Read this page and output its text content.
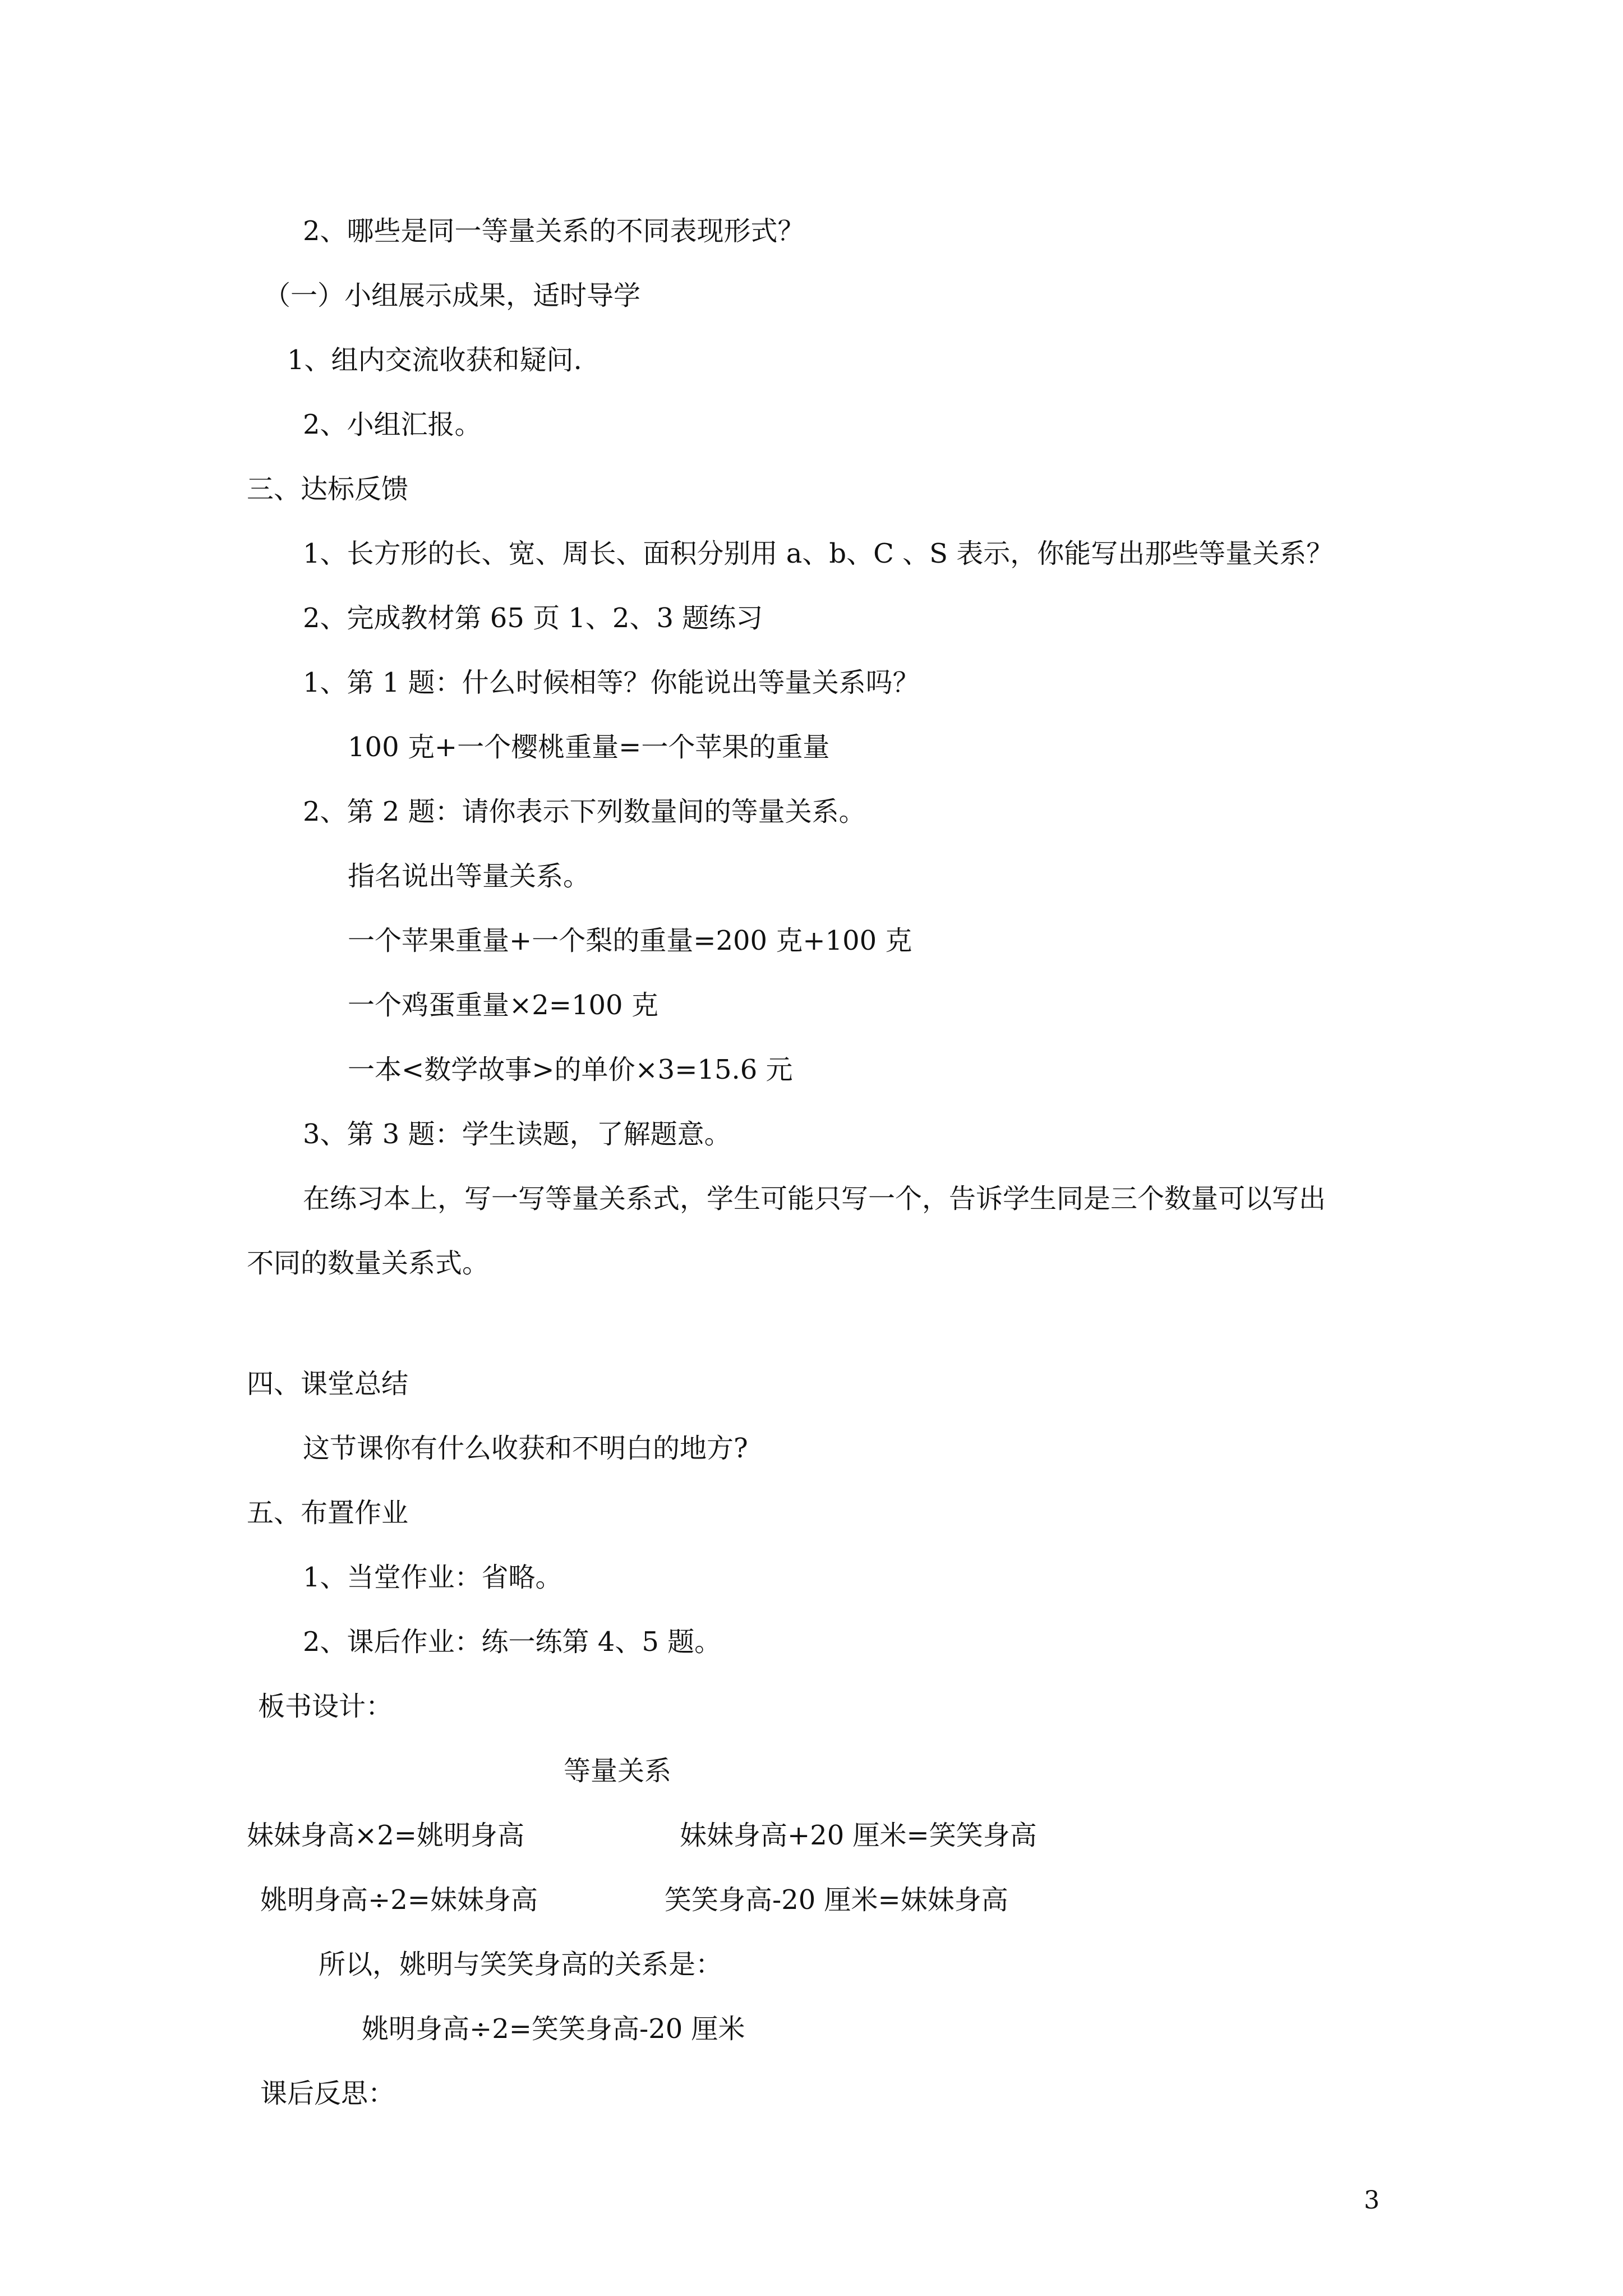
2、哪些是同一等量关系的不同表现形式？
（一）小组展示成果，适时导学
1、组内交流收获和疑问.
2、小组汇报。
三、达标反馈
1、长方形的长、宽、周长、面积分别用 a、b、C 、S 表示，你能写出那些等量关系？
2、完成教材第 65 页 1、2、3 题练习
1、第 1 题：什么时候相等？你能说出等量关系吗？
100 克+一个樱桃重量=一个苹果的重量
2、第 2 题：请你表示下列数量间的等量关系。
指名说出等量关系。
一个苹果重量+一个梨的重量=200 克+100 克
一个鸡蛋重量×2=100 克
一本<数学故事>的单价×3=15.6 元
3、第 3 题：学生读题，了解题意。
在练习本上，写一写等量关系式，学生可能只写一个，告诉学生同是三个数量可以写出
不同的数量关系式。
四、课堂总结
这节课你有什么收获和不明白的地方?
五、布置作业
1、当堂作业：省略。
2、课后作业：练一练第 4、5 题。
板书设计：
等量关系
妹妹身高×2=姚明身高	妹妹身高+20 厘米=笑笑身高
姚明身高÷2=妹妹身高	笑笑身高-20 厘米=妹妹身高
所以，姚明与笑笑身高的关系是：
姚明身高÷2=笑笑身高-20 厘米
课后反思：
3
